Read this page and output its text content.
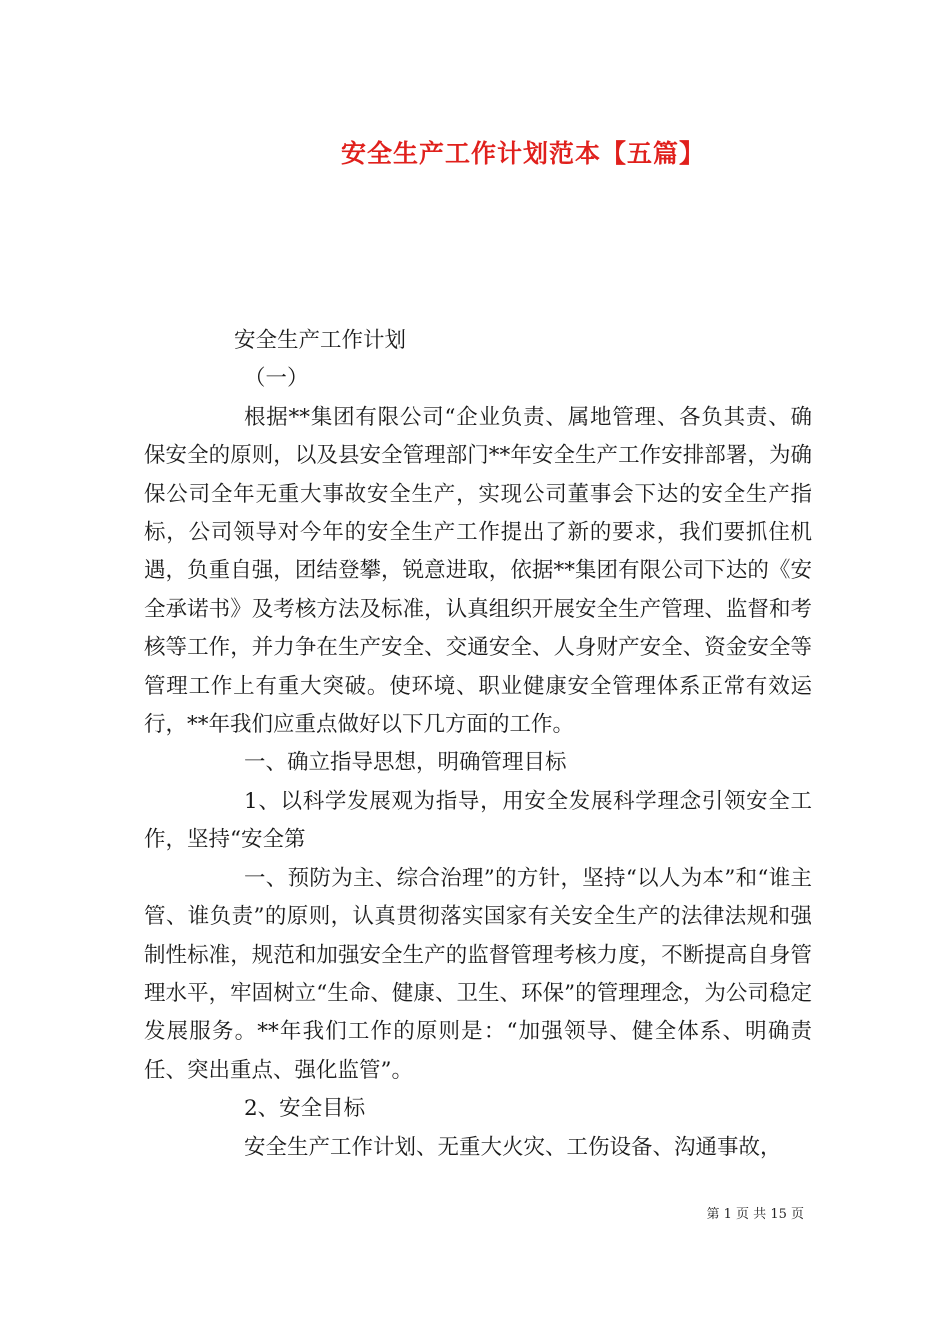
安全生产工作计划范本【五篇】

安全生产工作计划

（一）

根据**集团有限公司“企业负责、属地管理、各负其责、确保安全的原则，以及县安全管理部门**年安全生产工作安排部署，为确保公司全年无重大事故安全生产，实现公司董事会下达的安全生产指标，公司领导对今年的安全生产工作提出了新的要求，我们要抓住机遇，负重自强，团结登攀，锐意进取，依据**集团有限公司下达的《安全承诺书》及考核方法及标准，认真组织开展安全生产管理、监督和考核等工作，并力争在生产安全、交通安全、人身财产安全、资金安全等管理工作上有重大突破。使环境、职业健康安全管理体系正常有效运行，**年我们应重点做好以下几方面的工作。

一、确立指导思想，明确管理目标

1、以科学发展观为指导，用安全发展科学理念引领安全工作，坚持“安全第

一、预防为主、综合治理”的方针，坚持“以人为本”和“谁主管、谁负责”的原则，认真贯彻落实国家有关安全生产的法律法规和强制性标准，规范和加强安全生产的监督管理考核力度，不断提高自身管理水平，牢固树立“生命、健康、卫生、环保”的管理理念，为公司稳定发展服务。**年我们工作的原则是：“加强领导、健全体系、明确责任、突出重点、强化监管”。

2、安全目标

安全生产工作计划、无重大火灾、工伤设备、沟通事故，

第 1 页 共 15 页
